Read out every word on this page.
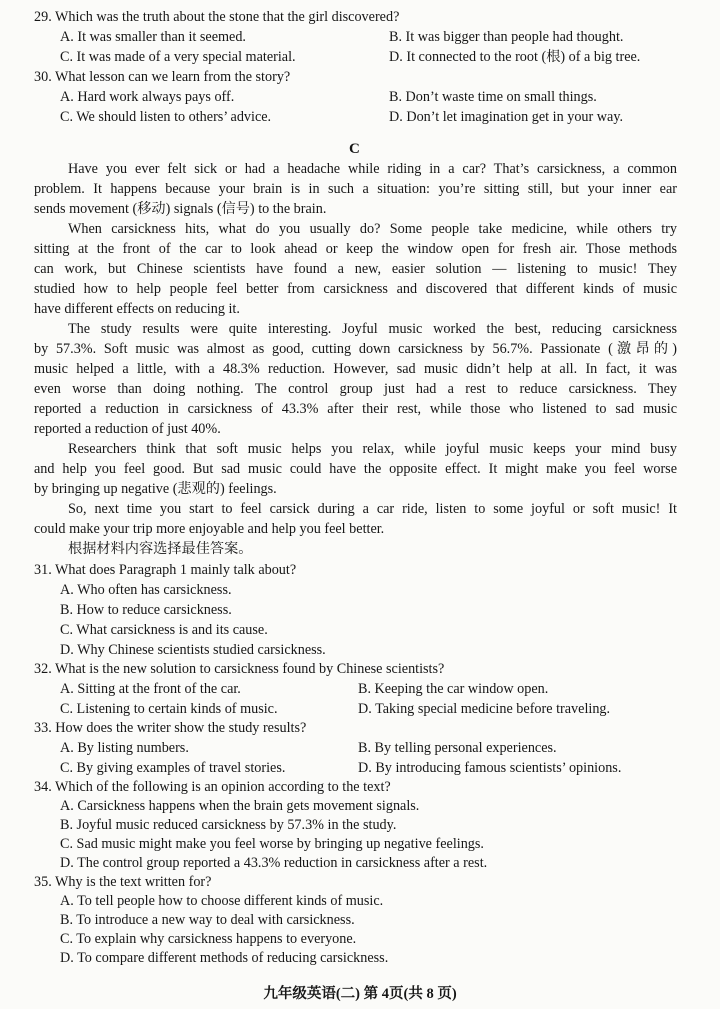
29. Which was the truth about the stone that the girl discovered?
A. It was smaller than it seemed.	B. It was bigger than people had thought.
C. It was made of a very special material.	D. It connected to the root (根) of a big tree.
30. What lesson can we learn from the story?
A. Hard work always pays off.	B. Don’t waste time on small things.
C. We should listen to others’ advice.	D. Don’t let imagination get in your way.
C
Have you ever felt sick or had a headache while riding in a car? That’s carsickness, a common
problem. It happens because your brain is in such a situation: you’re sitting still, but your inner ear
sends movement (移动) signals (信号) to the brain.
When carsickness hits, what do you usually do? Some people take medicine, while others try
sitting at the front of the car to look ahead or keep the window open for fresh air. Those methods
can work, but Chinese scientists have found a new, easier solution — listening to music! They
studied how to help people feel better from carsickness and discovered that different kinds of music
have different effects on reducing it.
The study results were quite interesting. Joyful music worked the best, reducing carsickness
by 57.3%. Soft music was almost as good, cutting down carsickness by 56.7%. Passionate (激昂的)
music helped a little, with a 48.3% reduction. However, sad music didn’t help at all. In fact, it was
even worse than doing nothing. The control group just had a rest to reduce carsickness. They
reported a reduction in carsickness of 43.3% after their rest, while those who listened to sad music
reported a reduction of just 40%.
Researchers think that soft music helps you relax, while joyful music keeps your mind busy
and help you feel good. But sad music could have the opposite effect. It might make you feel worse
by bringing up negative (悲观的) feelings.
So, next time you start to feel carsick during a car ride, listen to some joyful or soft music! It
could make your trip more enjoyable and help you feel better.
根据材料内容选择最佳答案。
31. What does Paragraph 1 mainly talk about?
A. Who often has carsickness.
B. How to reduce carsickness.
C. What carsickness is and its cause.
D. Why Chinese scientists studied carsickness.
32. What is the new solution to carsickness found by Chinese scientists?
A. Sitting at the front of the car.	B. Keeping the car window open.
C. Listening to certain kinds of music.	D. Taking special medicine before traveling.
33. How does the writer show the study results?
A. By listing numbers.	B. By telling personal experiences.
C. By giving examples of travel stories.	D. By introducing famous scientists’ opinions.
34. Which of the following is an opinion according to the text?
A. Carsickness happens when the brain gets movement signals.
B. Joyful music reduced carsickness by 57.3% in the study.
C. Sad music might make you feel worse by bringing up negative feelings.
D. The control group reported a 43.3% reduction in carsickness after a rest.
35. Why is the text written for?
A. To tell people how to choose different kinds of music.
B. To introduce a new way to deal with carsickness.
C. To explain why carsickness happens to everyone.
D. To compare different methods of reducing carsickness.
九年级英语(二) 第 4页(共 8 页)
